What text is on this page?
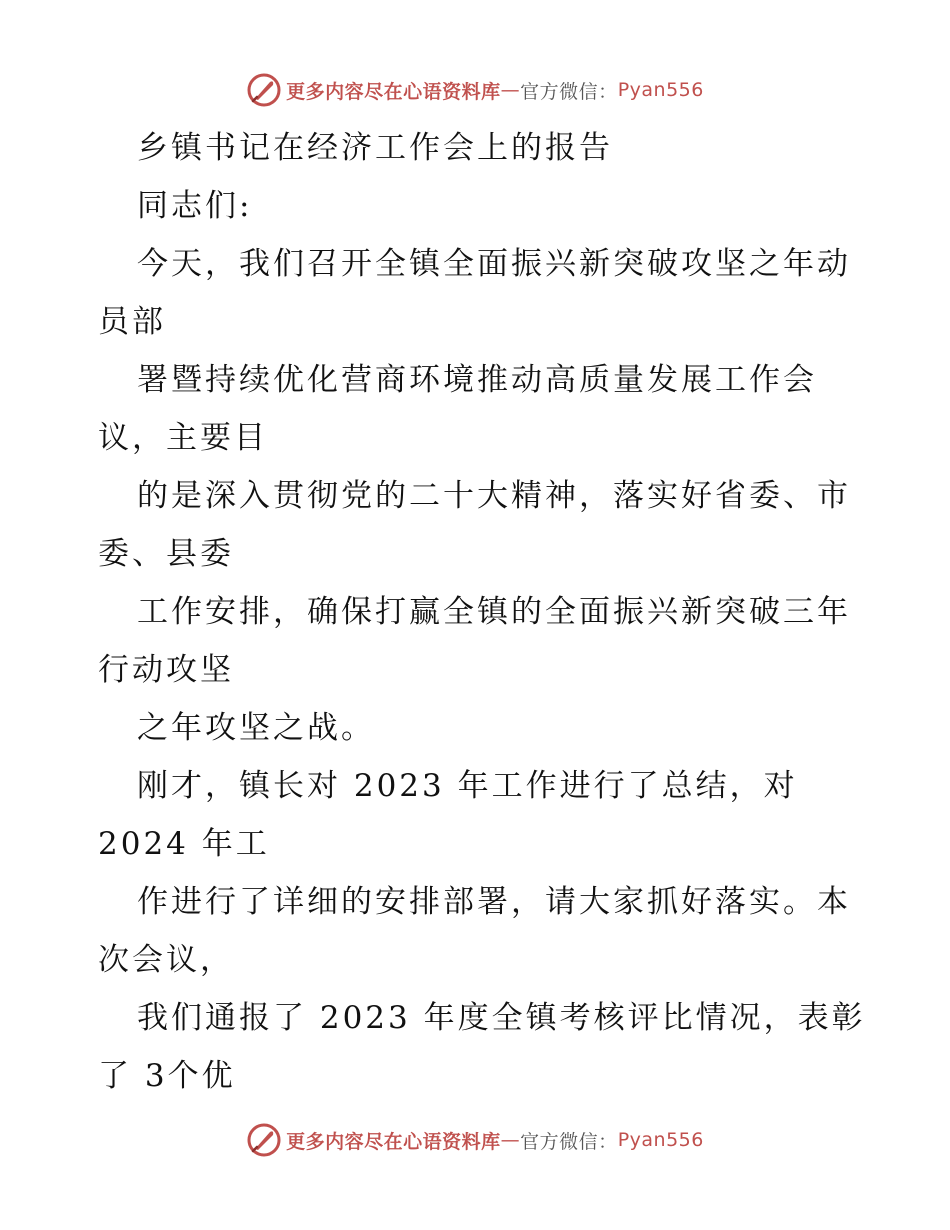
更多内容尽在心语资料库 — 官方微信： Pyan556
乡镇书记在经济工作会上的报告
同志们:
今天，我们召开全镇全面振兴新突破攻坚之年动
员部
署暨持续优化营商环境推动高质量发展工作会
议，主要目
的是深入贯彻党的二十大精神，落实好省委、市
委、县委
工作安排，确保打赢全镇的全面振兴新突破三年
行动攻坚
之年攻坚之战。
刚才，镇长对 2023 年工作进行了总结，对
2024 年工
作进行了详细的安排部署，请大家抓好落实。本
次会议，
我们通报了 2023 年度全镇考核评比情况，表彰
了 3个优
更多内容尽在心语资料库 — 官方微信： Pyan556
